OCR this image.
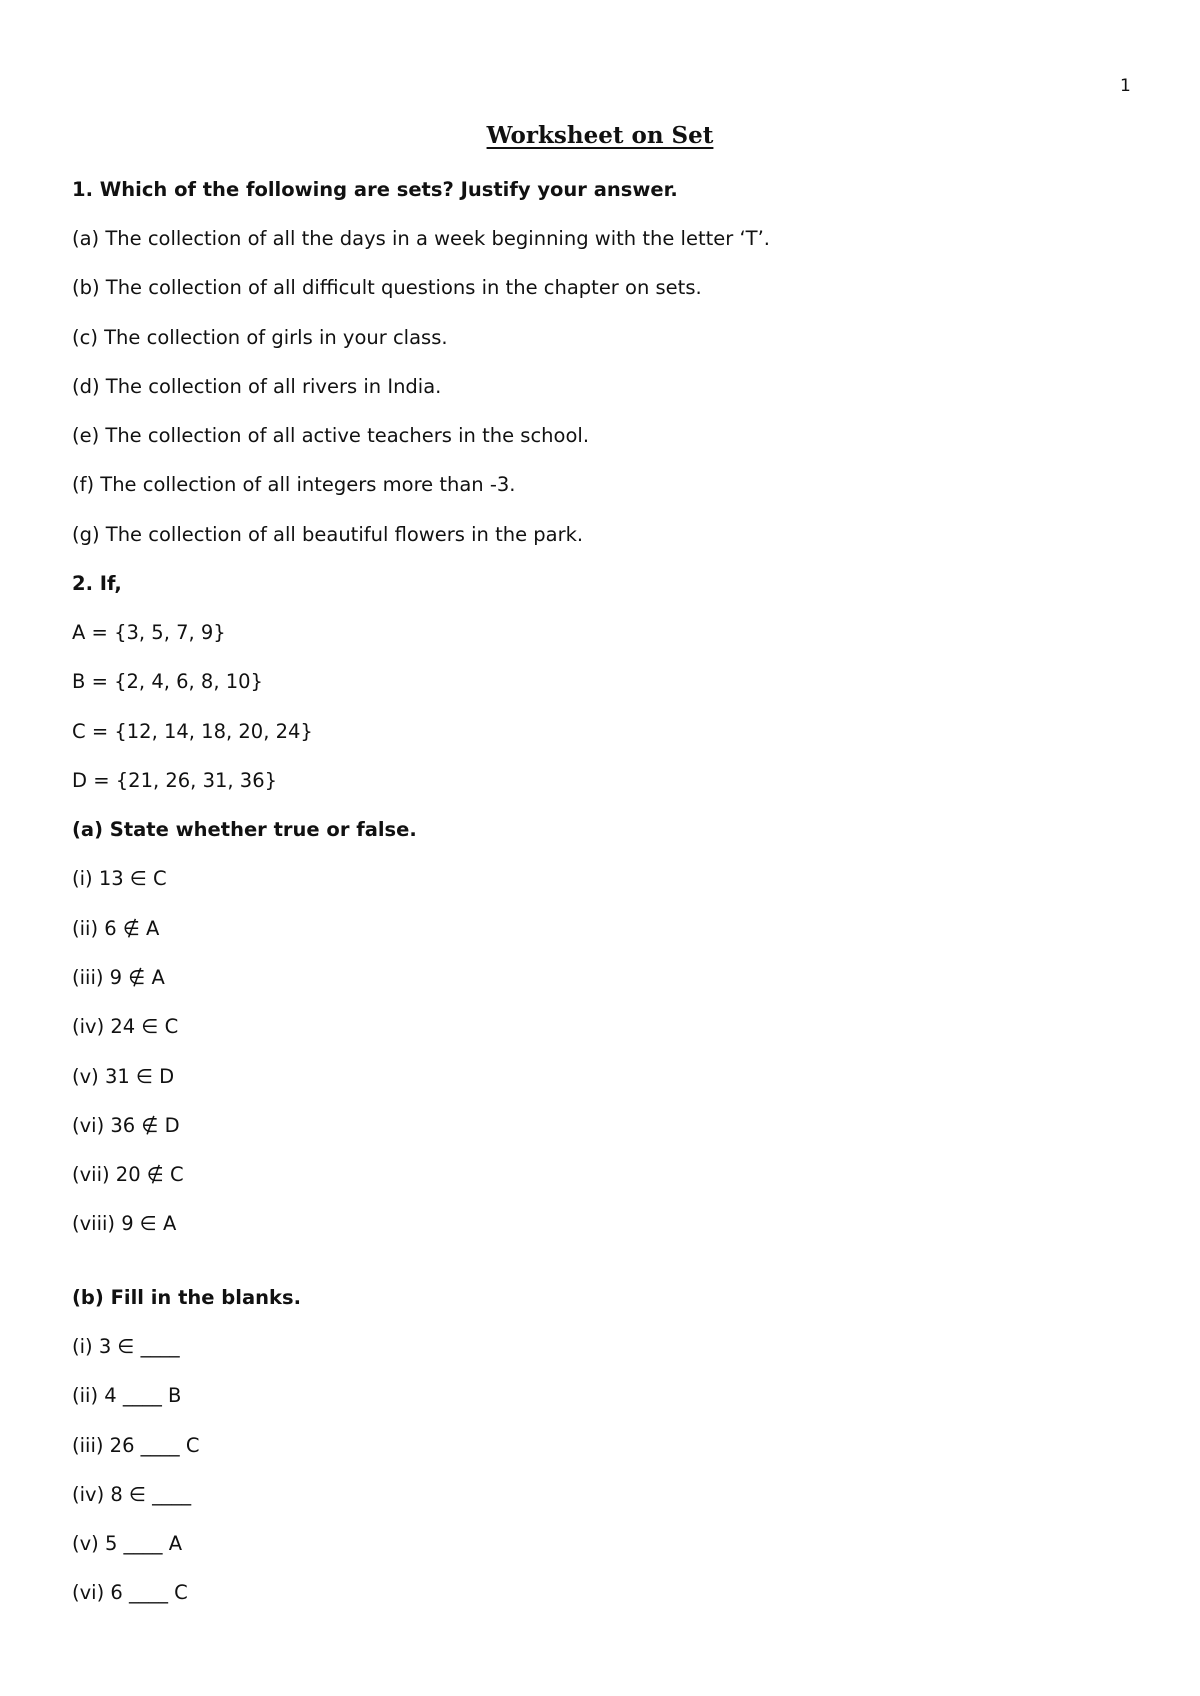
1
Worksheet on Set
1. Which of the following are sets? Justify your answer.
(a) The collection of all the days in a week beginning with the letter ‘T’.
(b) The collection of all difficult questions in the chapter on sets.
(c) The collection of girls in your class.
(d) The collection of all rivers in India.
(e) The collection of all active teachers in the school.
(f) The collection of all integers more than -3.
(g) The collection of all beautiful flowers in the park.
2. If,
A = {3, 5, 7, 9}
B = {2, 4, 6, 8, 10}
C = {12, 14, 18, 20, 24}
D = {21, 26, 31, 36}
(a) State whether true or false.
(i) 13 ∈ C
(ii) 6 ∉ A
(iii) 9 ∉ A
(iv) 24 ∈ C
(v) 31 ∈ D
(vi) 36 ∉ D
(vii) 20 ∉ C
(viii) 9 ∈ A
(b) Fill in the blanks.
(i) 3 ∈ ____
(ii) 4 ____ B
(iii) 26 ____ C
(iv) 8 ∈ ____
(v) 5 ____ A
(vi) 6 ____ C
